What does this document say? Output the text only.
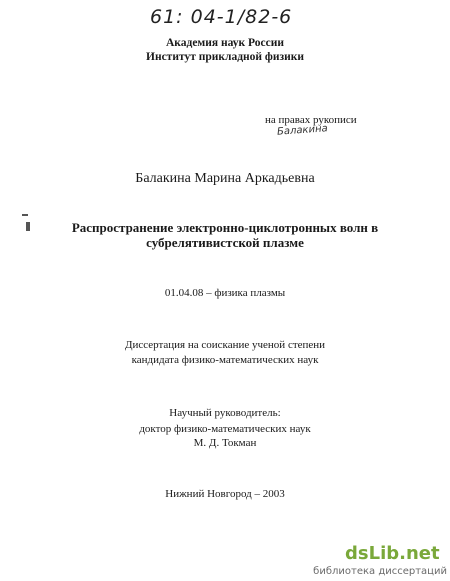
61: 04-1/82-6
Академия наук России
Институт прикладной физики
на правах рукописи
Балакина
Балакина Марина Аркадьевна
Распространение электронно-циклотронных волн в
субрелятивистской плазме
01.04.08 – физика плазмы
Диссертация на соискание ученой степени
кандидата физико-математических наук
Научный руководитель:
доктор физико-математических наук
М. Д. Токман
Нижний Новгород – 2003
dsLib.net
библиотека диссертаций
